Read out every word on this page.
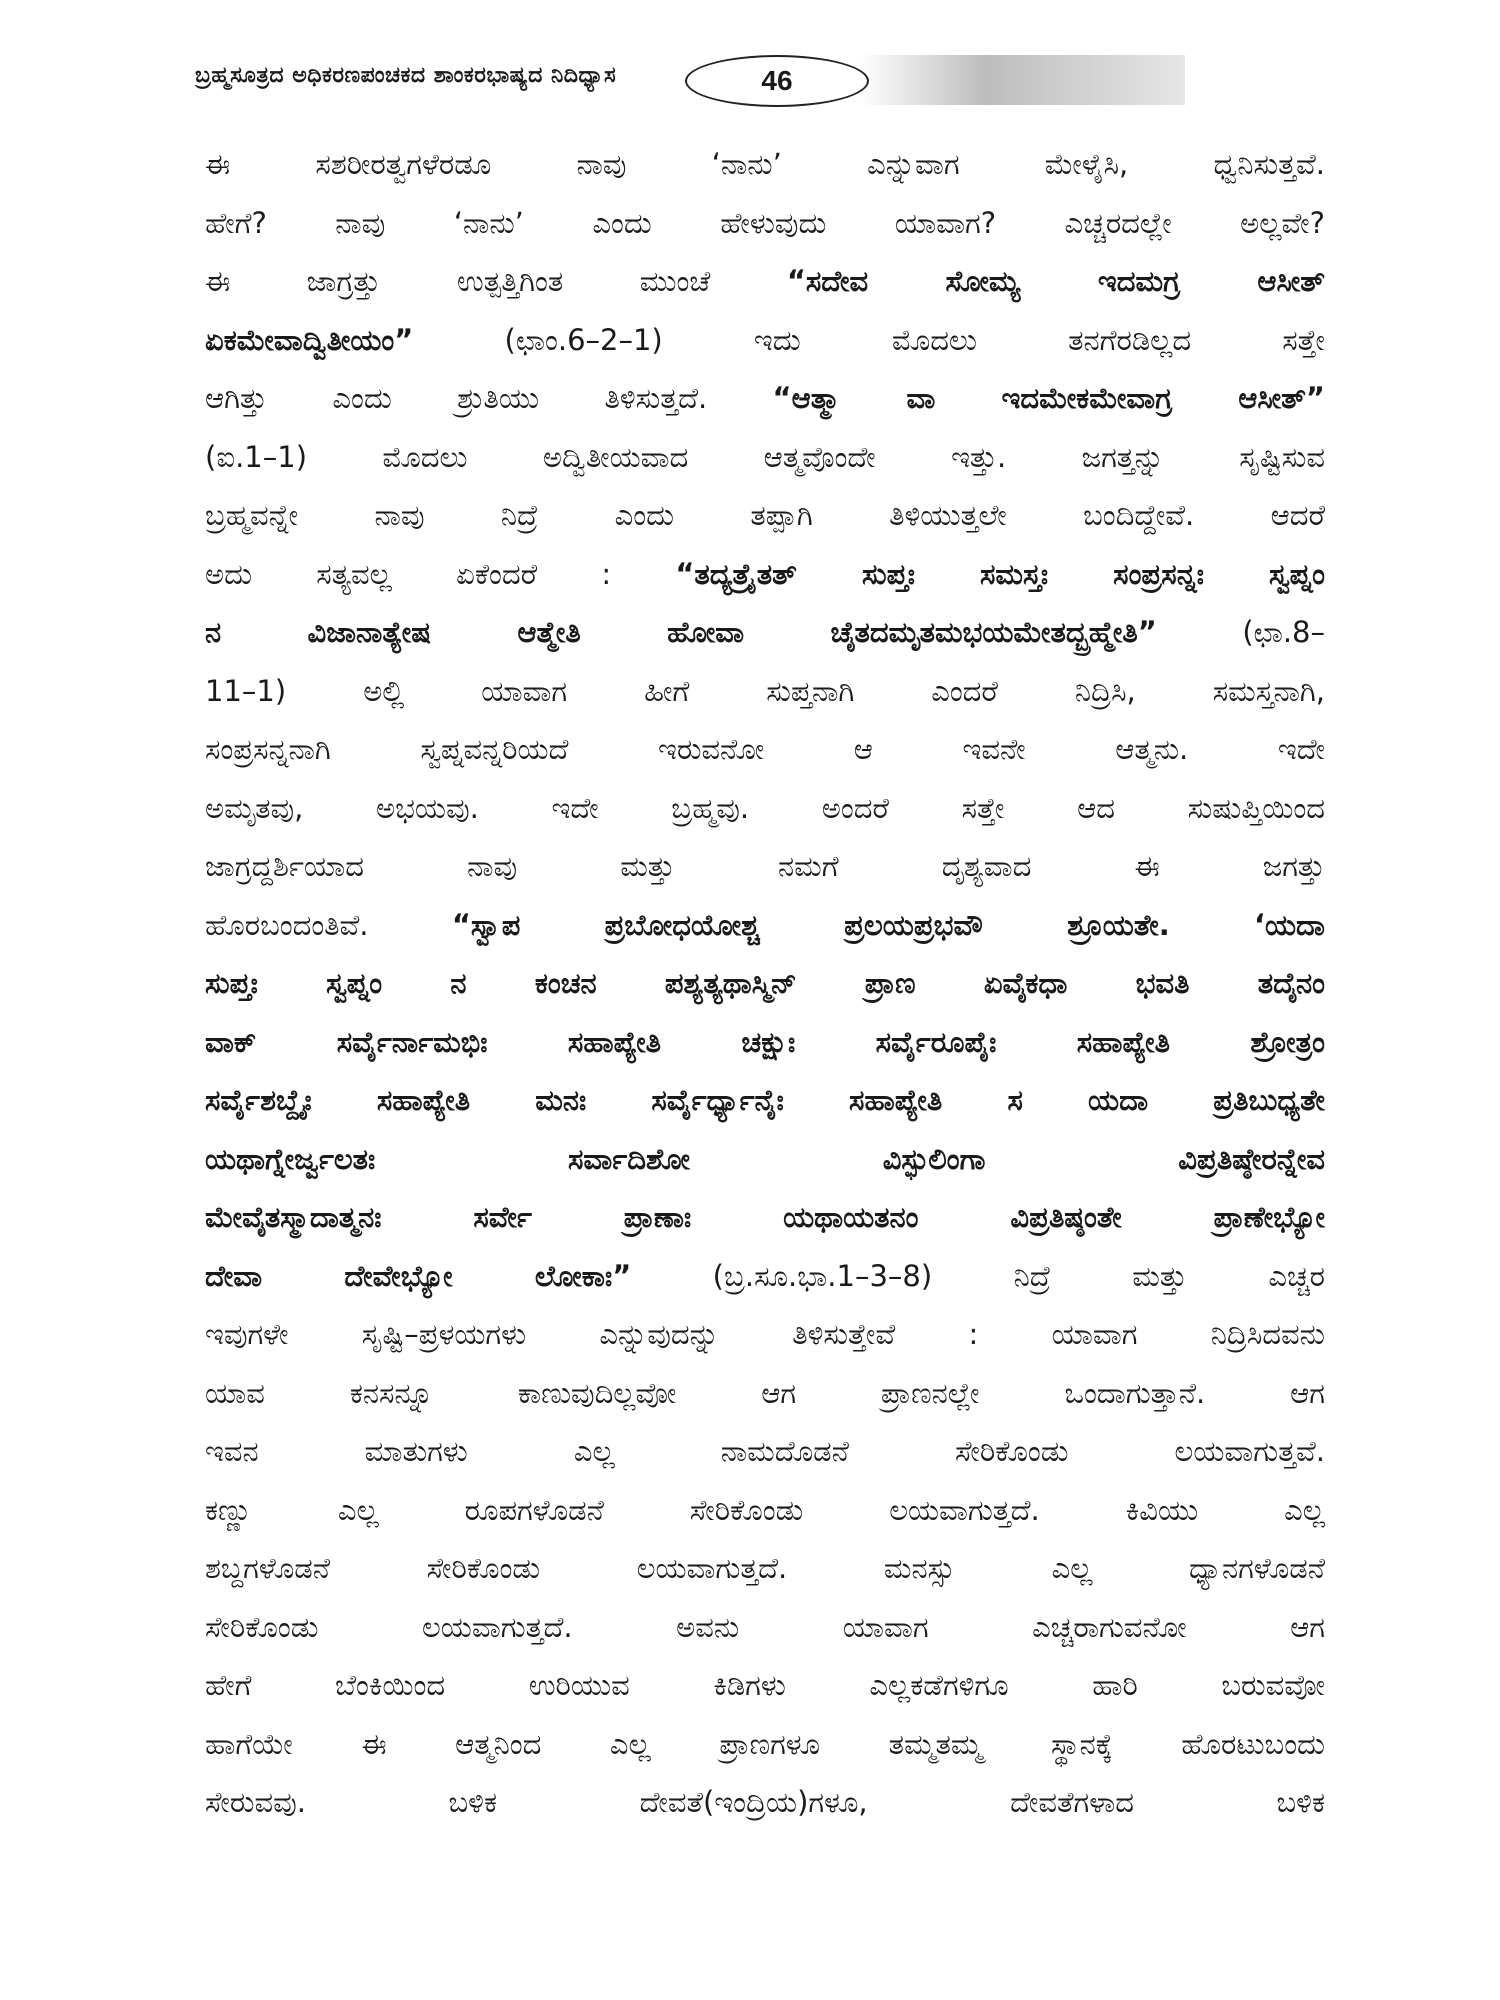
ಬ್ರಹ್ಮಸೂತ್ರದ ಅಧಿಕರಣಪಂಚಕದ ಶಾಂಕರಭಾಷ್ಯದ ನಿದಿಧ್ಯಾಸ	46
ಈ ಸಶರೀರತ್ವಗಳೆರಡೂ ನಾವು ‘ನಾನು’ ಎನ್ನುವಾಗ ಮೇಳೈಸಿ, ಧ್ವನಿಸುತ್ತವೆ.
ಹೇಗೆ? ನಾವು ‘ನಾನು’ ಎಂದು ಹೇಳುವುದು ಯಾವಾಗ? ಎಚ್ಚರದಲ್ಲೇ ಅಲ್ಲವೇ?
ಈ ಜಾಗ್ರತ್ತು ಉತ್ಪತ್ತಿಗಿಂತ ಮುಂಚೆ “ಸದೇವ ಸೋಮ್ಯ ಇದಮಗ್ರ ಆಸೀತ್
ಏಕಮೇವಾದ್ವಿತೀಯಂ” (ಛಾಂ.6–2–1) ಇದು ಮೊದಲು ತನಗೆರಡಿಲ್ಲದ ಸತ್ತೇ
ಆಗಿತ್ತು ಎಂದು ಶ್ರುತಿಯು ತಿಳಿಸುತ್ತದೆ. “ಆತ್ಮಾ ವಾ ಇದಮೇಕಮೇವಾಗ್ರ ಆಸೀತ್”
(ಐ.1–1) ಮೊದಲು ಅದ್ವಿತೀಯವಾದ ಆತ್ಮವೊಂದೇ ಇತ್ತು. ಜಗತ್ತನ್ನು ಸೃಷ್ಟಿಸುವ
ಬ್ರಹ್ಮವನ್ನೇ ನಾವು ನಿದ್ರೆ ಎಂದು ತಪ್ಪಾಗಿ ತಿಳಿಯುತ್ತಲೇ ಬಂದಿದ್ದೇವೆ. ಆದರೆ
ಅದು ಸತ್ಯವಲ್ಲ ಏಕೆಂದರೆ : “ತದ್ಯತ್ರೈತತ್ ಸುಪ್ತಃ ಸಮಸ್ತಃ ಸಂಪ್ರಸನ್ನಃ ಸ್ವಪ್ನಂ
ನ ವಿಜಾನಾತ್ಯೇಷ ಆತ್ಮೇತಿ ಹೋವಾ ಚೈತದಮೃತಮಭಯಮೇತದ್ಬ್ರಹ್ಮೇತಿ” (ಛಾ.8–
11–1) ಅಲ್ಲಿ ಯಾವಾಗ ಹೀಗೆ ಸುಪ್ತನಾಗಿ ಎಂದರೆ ನಿದ್ರಿಸಿ, ಸಮಸ್ತನಾಗಿ,
ಸಂಪ್ರಸನ್ನನಾಗಿ ಸ್ವಪ್ನವನ್ನರಿಯದೆ ಇರುವನೋ ಆ ಇವನೇ ಆತ್ಮನು. ಇದೇ
ಅಮೃತವು, ಅಭಯವು. ಇದೇ ಬ್ರಹ್ಮವು. ಅಂದರೆ ಸತ್ತೇ ಆದ ಸುಷುಪ್ತಿಯಿಂದ
ಜಾಗ್ರದ್ದರ್ಶಿಯಾದ ನಾವು ಮತ್ತು ನಮಗೆ ದೃಶ್ಯವಾದ ಈ ಜಗತ್ತು
ಹೊರಬಂದಂತಿವೆ. “ಸ್ವಾಪ ಪ್ರಬೋಧಯೋಶ್ಚ ಪ್ರಲಯಪ್ರಭವೌ ಶ್ರೂಯತೇ. ‘ಯದಾ
ಸುಪ್ತಃ ಸ್ವಪ್ನಂ ನ ಕಂಚನ ಪಶ್ಯತ್ಯಥಾಸ್ಮಿನ್ ಪ್ರಾಣ ಏವೈಕಧಾ ಭವತಿ ತದೈನಂ
ವಾಕ್ ಸರ್ವೈರ್ನಾಮಭಿಃ ಸಹಾಪ್ಯೇತಿ ಚಕ್ಷುಃ ಸರ್ವೈರೂಪೈಃ ಸಹಾಪ್ಯೇತಿ ಶ್ರೋತ್ರಂ
ಸರ್ವೈಶಬ್ದೈಃ ಸಹಾಪ್ಯೇತಿ ಮನಃ ಸರ್ವೈರ್ಧ್ಯಾನೈಃ ಸಹಾಪ್ಯೇತಿ ಸ ಯದಾ ಪ್ರತಿಬುಧ್ಯತೇ
ಯಥಾಗ್ನೇರ್ಜ್ವಲತಃ ಸರ್ವಾದಿಶೋ ವಿಸ್ಫುಲಿಂಗಾ ವಿಪ್ರತಿಷ್ಠೇರನ್ನೇವ
ಮೇವೈತಸ್ಮಾದಾತ್ಮನಃ ಸರ್ವೇ ಪ್ರಾಣಾಃ ಯಥಾಯತನಂ ವಿಪ್ರತಿಷ್ಠಂತೇ ಪ್ರಾಣೇಭ್ಯೋ
ದೇವಾ ದೇವೇಭ್ಯೋ ಲೋಕಾಃ” (ಬ್ರ.ಸೂ.ಭಾ.1–3–8) ನಿದ್ರೆ ಮತ್ತು ಎಚ್ಚರ
ಇವುಗಳೇ ಸೃಷ್ಟಿ–ಪ್ರಳಯಗಳು ಎನ್ನುವುದನ್ನು ತಿಳಿಸುತ್ತೇವೆ : ಯಾವಾಗ ನಿದ್ರಿಸಿದವನು
ಯಾವ ಕನಸನ್ನೂ ಕಾಣುವುದಿಲ್ಲವೋ ಆಗ ಪ್ರಾಣನಲ್ಲೇ ಒಂದಾಗುತ್ತಾನೆ. ಆಗ
ಇವನ ಮಾತುಗಳು ಎಲ್ಲ ನಾಮದೊಡನೆ ಸೇರಿಕೊಂಡು ಲಯವಾಗುತ್ತವೆ.
ಕಣ್ಣು ಎಲ್ಲ ರೂಪಗಳೊಡನೆ ಸೇರಿಕೊಂಡು ಲಯವಾಗುತ್ತದೆ. ಕಿವಿಯು ಎಲ್ಲ
ಶಬ್ದಗಳೊಡನೆ ಸೇರಿಕೊಂಡು ಲಯವಾಗುತ್ತದೆ. ಮನಸ್ಸು ಎಲ್ಲ ಧ್ಯಾನಗಳೊಡನೆ
ಸೇರಿಕೊಂಡು ಲಯವಾಗುತ್ತದೆ. ಅವನು ಯಾವಾಗ ಎಚ್ಚರಾಗುವನೋ ಆಗ
ಹೇಗೆ ಬೆಂಕಿಯಿಂದ ಉರಿಯುವ ಕಿಡಿಗಳು ಎಲ್ಲಕಡೆಗಳಿಗೂ ಹಾರಿ ಬರುವವೋ
ಹಾಗೆಯೇ ಈ ಆತ್ಮನಿಂದ ಎಲ್ಲ ಪ್ರಾಣಗಳೂ ತಮ್ಮತಮ್ಮ ಸ್ಥಾನಕ್ಕೆ ಹೊರಟುಬಂದು
ಸೇರುವವು. ಬಳಿಕ ದೇವತೆ(ಇಂದ್ರಿಯ)ಗಳೂ, ದೇವತೆಗಳಾದ ಬಳಿಕ
